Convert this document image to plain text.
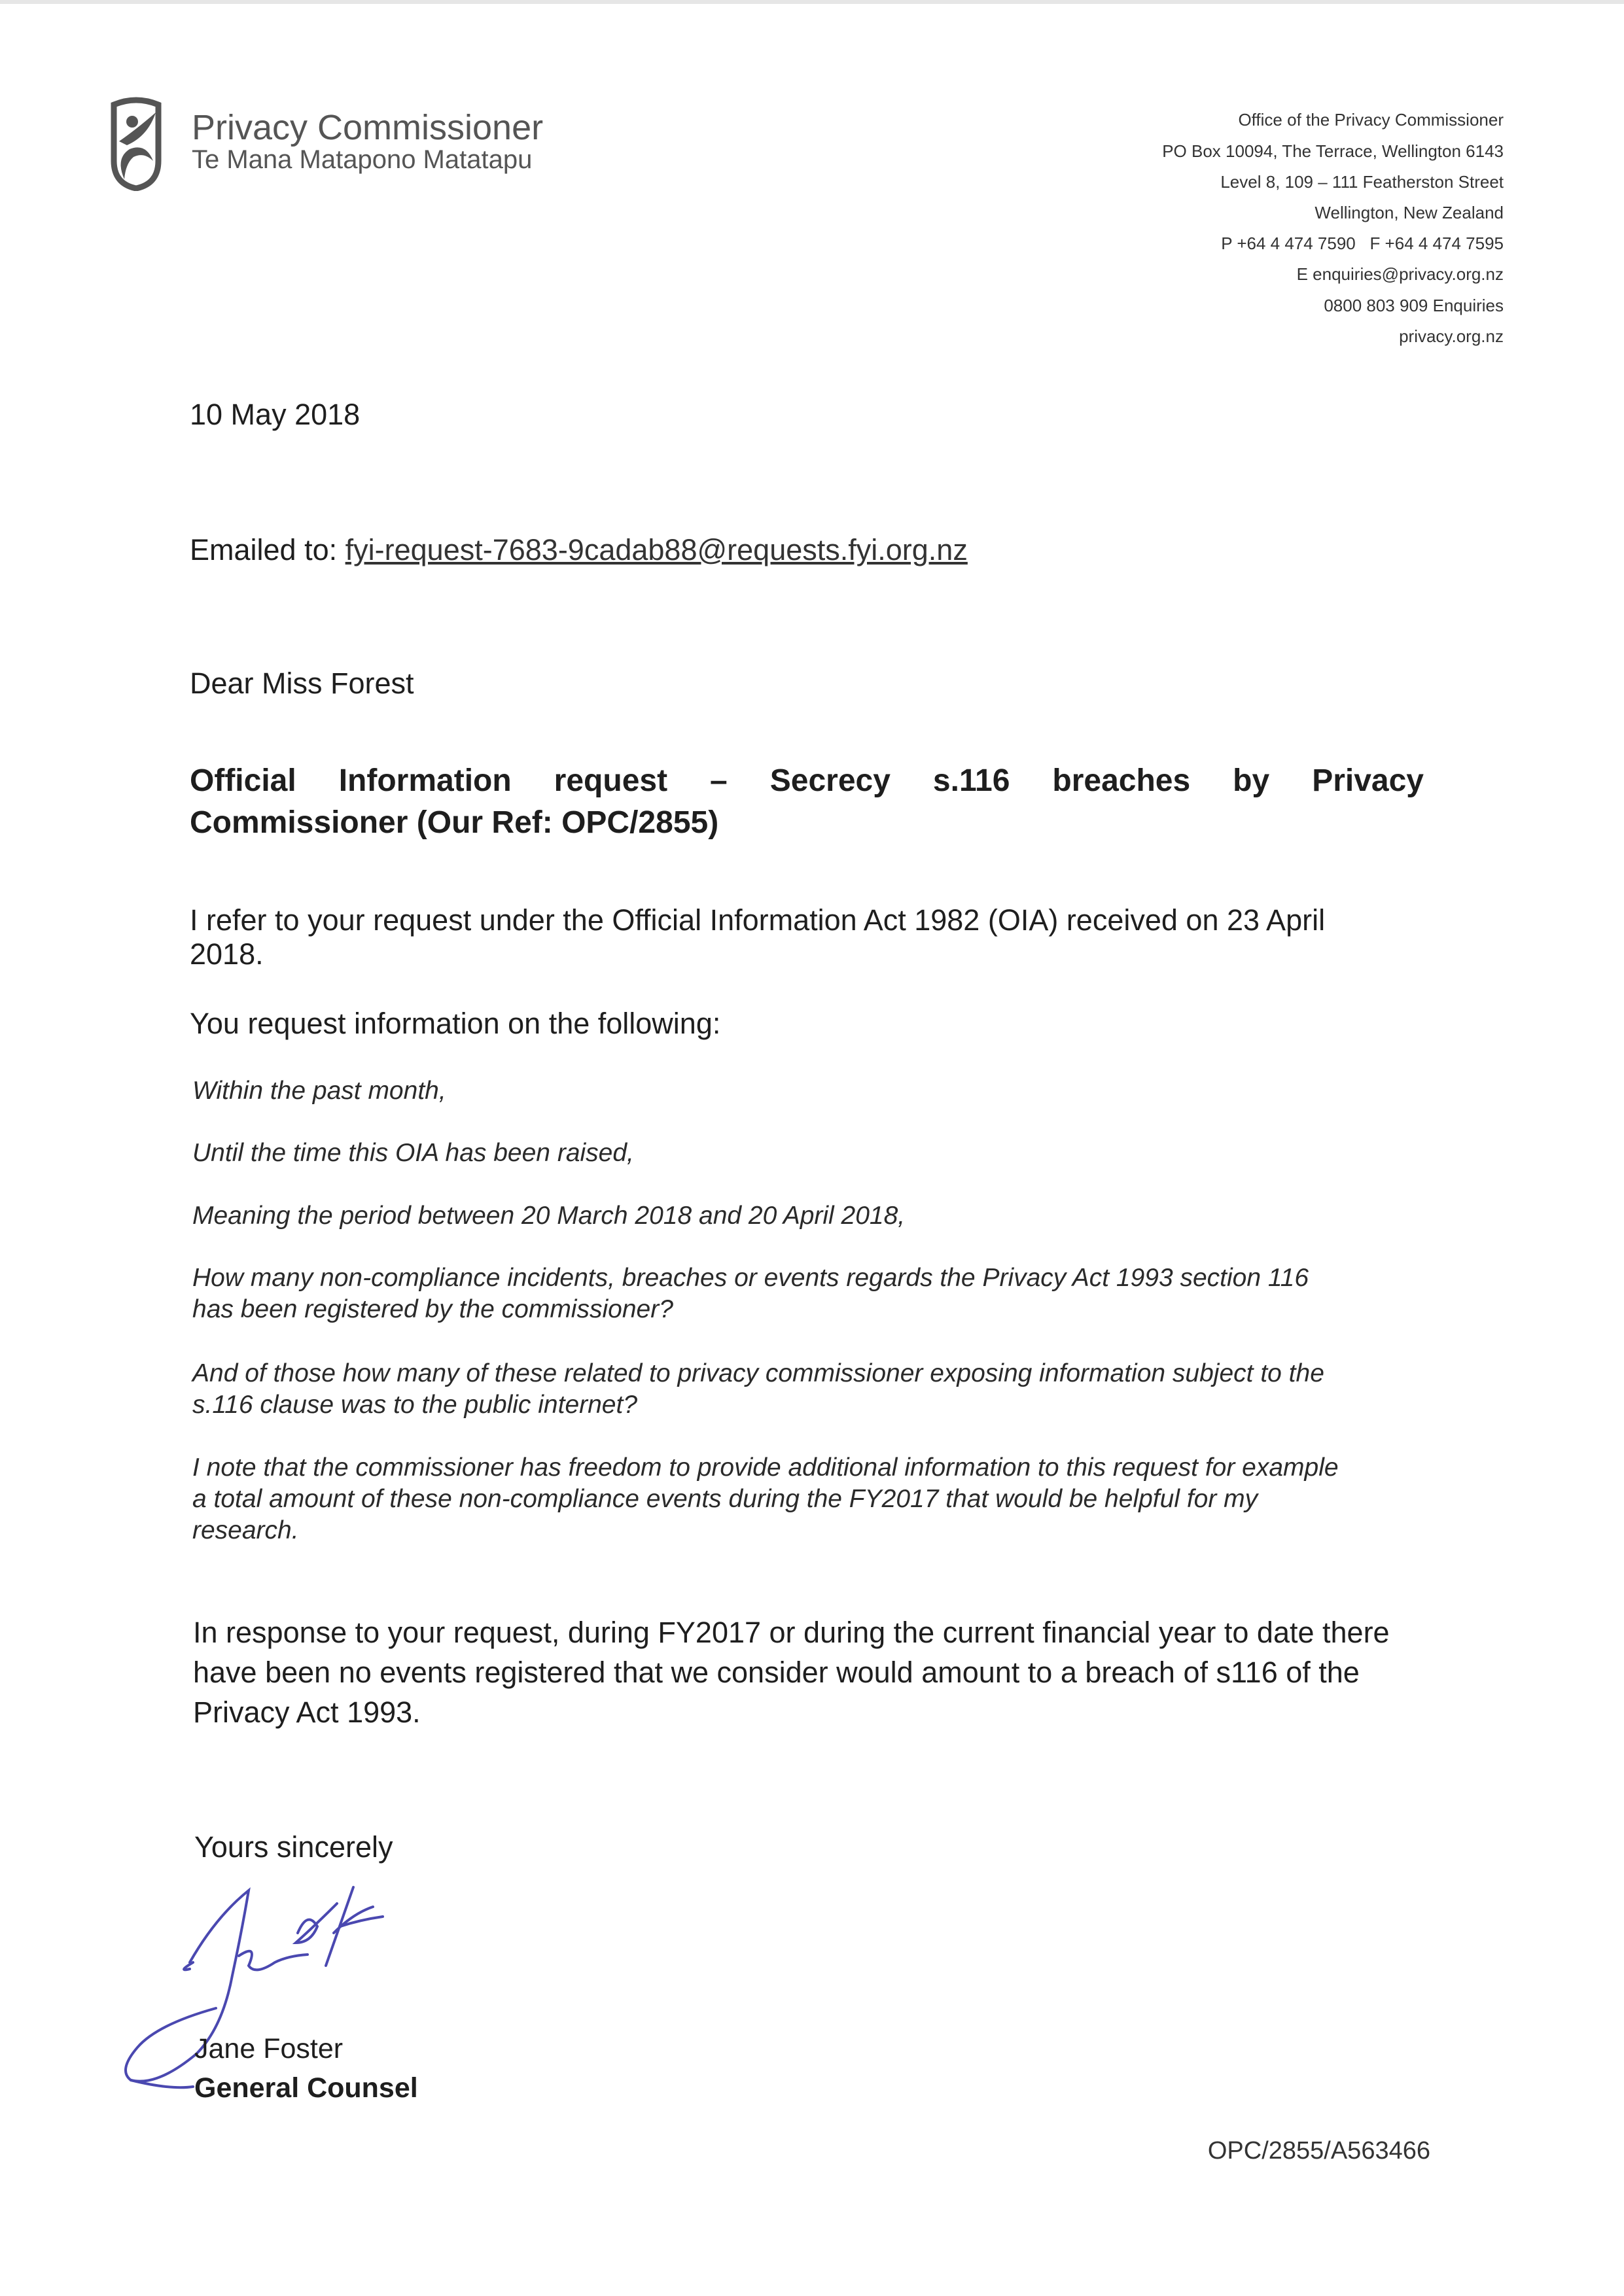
Privacy Commissioner
Te Mana Matapono Matatapu
Office of the Privacy Commissioner
PO Box 10094, The Terrace, Wellington 6143
Level 8, 109 – 111 Featherston Street
Wellington, New Zealand
P +64 4 474 7590   F +64 4 474 7595
E enquiries@privacy.org.nz
0800 803 909 Enquiries
privacy.org.nz
10 May 2018
Emailed to: fyi-request-7683-9cadab88@requests.fyi.org.nz
Dear Miss Forest
Official Information request – Secrecy s.116 breaches by Privacy
Commissioner (Our Ref: OPC/2855)
I refer to your request under the Official Information Act 1982 (OIA) received on 23 April
2018.
You request information on the following:
Within the past month,
Until the time this OIA has been raised,
Meaning the period between 20 March 2018 and 20 April 2018,
How many non-compliance incidents, breaches or events regards the Privacy Act 1993 section 116
has been registered by the commissioner?
And of those how many of these related to privacy commissioner exposing information subject to the
s.116 clause was to the public internet?
I note that the commissioner has freedom to provide additional information to this request for example
a total amount of these non-compliance events during the FY2017 that would be helpful for my
research.
In response to your request, during FY2017 or during the current financial year to date there
have been no events registered that we consider would amount to a breach of s116 of the
Privacy Act 1993.
Yours sincerely
Jane Foster
General Counsel
OPC/2855/A563466
